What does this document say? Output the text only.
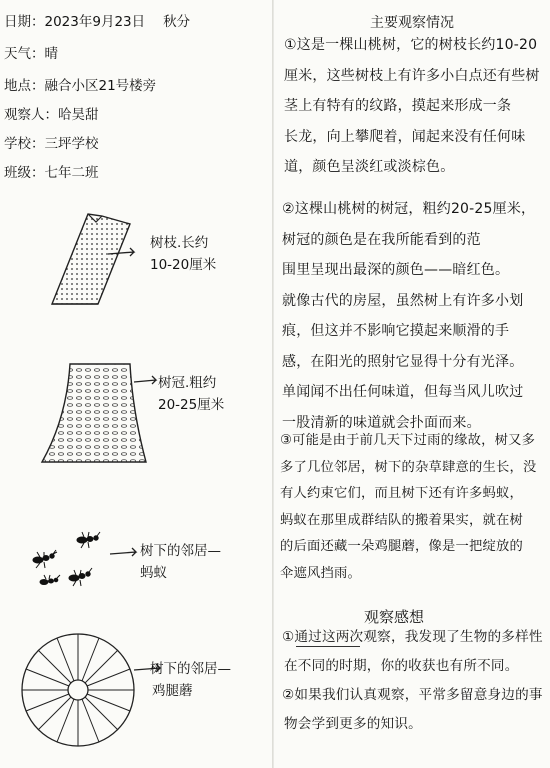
日期：2023年9月23日 秋分
天气：晴
地点：融合小区21号楼旁
观察人：哈昊甜
学校：三坪学校
班级：七年二班
树枝.长约
10-20厘米
树冠.粗约
20-25厘米
树下的邻居—
蚂蚁
树下的邻居—
鸡腿蘑
主要观察情况
①这是一棵山桃树，它的树枝长约10-20
厘米，这些树枝上有许多小白点还有些树
茎上有特有的纹路，摸起来形成一条
长龙，向上攀爬着，闻起来没有任何味
道，颜色呈淡红或淡棕色。
②这棵山桃树的树冠，粗约20-25厘米，
树冠的颜色是在我所能看到的范
围里呈现出最深的颜色——暗红色。
就像古代的房屋，虽然树上有许多小划
痕，但这并不影响它摸起来顺滑的手
感，在阳光的照射它显得十分有光泽。
单闻闻不出任何味道，但每当风儿吹过
一股清新的味道就会扑面而来。
③可能是由于前几天下过雨的缘故，树又多
多了几位邻居，树下的杂草肆意的生长，没
有人约束它们，而且树下还有许多蚂蚁，
蚂蚁在那里成群结队的搬着果实，就在树
的后面还藏一朵鸡腿蘑，像是一把绽放的
伞遮风挡雨。
观察感想
①通过这两次观察，我发现了生物的多样性
在不同的时期，你的收获也有所不同。
②如果我们认真观察，平常多留意身边的事
物会学到更多的知识。
